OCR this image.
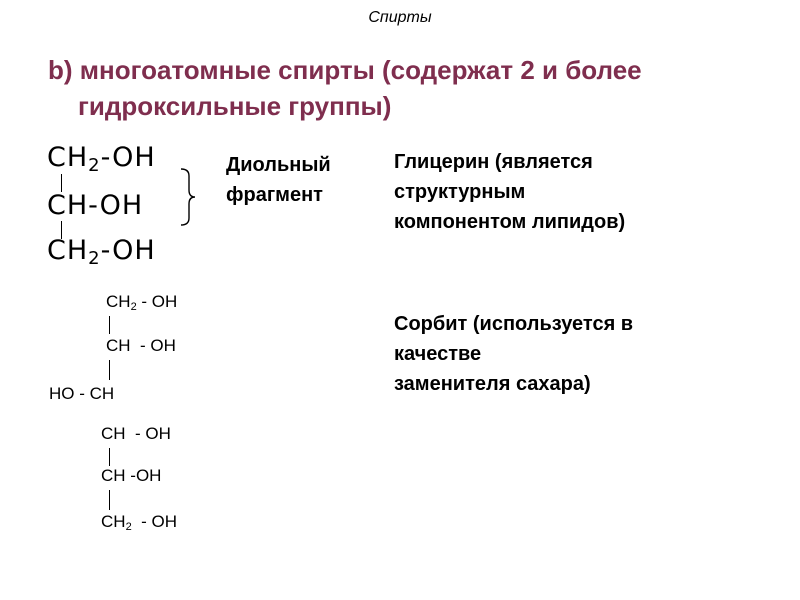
Спирты
b) многоатомные спирты (содержат 2 и более
гидроксильные группы)
$CH_2-OH$
CH-OH
$CH_2-OH$
Диольный
фрагмент
Глицерин (является
структурным
компонентом липидов)
$CH_2$ - OH
CH  - OH
HO - CH
CH  - OH
CH -OH
$CH_2$  - OH
Сорбит (используется в
качестве
заменителя сахара)
